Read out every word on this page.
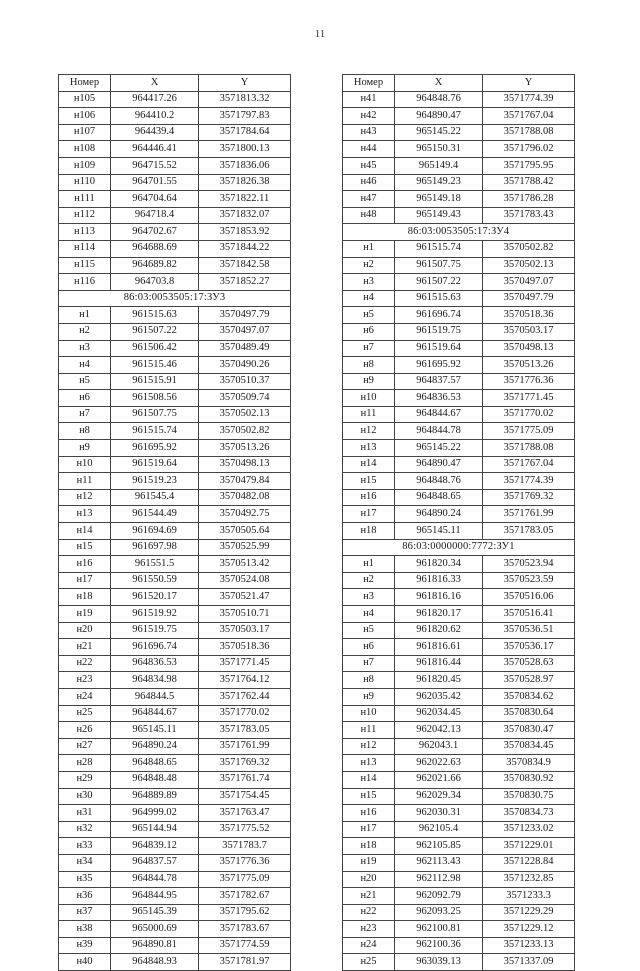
11
Номер	X	Y
н105	964417.26	3571813.32
н106	964410.2	3571797.83
н107	964439.4	3571784.64
н108	964446.41	3571800.13
н109	964715.52	3571836.06
н110	964701.55	3571826.38
н111	964704.64	3571822.11
н112	964718.4	3571832.07
н113	964702.67	3571853.92
н114	964688.69	3571844.22
н115	964689.82	3571842.58
н116	964703.8	3571852.27
86:03:0053505:17:ЗУ3		
н1	961515.63	3570497.79
н2	961507.22	3570497.07
н3	961506.42	3570489.49
н4	961515.46	3570490.26
н5	961515.91	3570510.37
н6	961508.56	3570509.74
н7	961507.75	3570502.13
н8	961515.74	3570502.82
н9	961695.92	3570513.26
н10	961519.64	3570498.13
н11	961519.23	3570479.84
н12	961545.4	3570482.08
н13	961544.49	3570492.75
н14	961694.69	3570505.64
н15	961697.98	3570525.99
н16	961551.5	3570513.42
н17	961550.59	3570524.08
н18	961520.17	3570521.47
н19	961519.92	3570510.71
н20	961519.75	3570503.17
н21	961696.74	3570518.36
н22	964836.53	3571771.45
н23	964834.98	3571764.12
н24	964844.5	3571762.44
н25	964844.67	3571770.02
н26	965145.11	3571783.05
н27	964890.24	3571761.99
н28	964848.65	3571769.32
н29	964848.48	3571761.74
н30	964889.89	3571754.45
н31	964999.02	3571763.47
н32	965144.94	3571775.52
н33	964839.12	3571783.7
н34	964837.57	3571776.36
н35	964844.78	3571775.09
н36	964844.95	3571782.67
н37	965145.39	3571795.62
н38	965000.69	3571783.67
н39	964890.81	3571774.59
н40	964848.93	3571781.97
Номер	X	Y
н41	964848.76	3571774.39
н42	964890.47	3571767.04
н43	965145.22	3571788.08
н44	965150.31	3571796.02
н45	965149.4	3571795.95
н46	965149.23	3571788.42
н47	965149.18	3571786.28
н48	965149.43	3571783.43
86:03:0053505:17:ЗУ4		
н1	961515.74	3570502.82
н2	961507.75	3570502.13
н3	961507.22	3570497.07
н4	961515.63	3570497.79
н5	961696.74	3570518.36
н6	961519.75	3570503.17
н7	961519.64	3570498.13
н8	961695.92	3570513.26
н9	964837.57	3571776.36
н10	964836.53	3571771.45
н11	964844.67	3571770.02
н12	964844.78	3571775.09
н13	965145.22	3571788.08
н14	964890.47	3571767.04
н15	964848.76	3571774.39
н16	964848.65	3571769.32
н17	964890.24	3571761.99
н18	965145.11	3571783.05
86:03:0000000:7772:ЗУ1		
н1	961820.34	3570523.94
н2	961816.33	3570523.59
н3	961816.16	3570516.06
н4	961820.17	3570516.41
н5	961820.62	3570536.51
н6	961816.61	3570536.17
н7	961816.44	3570528.63
н8	961820.45	3570528.97
н9	962035.42	3570834.62
н10	962034.45	3570830.64
н11	962042.13	3570830.47
н12	962043.1	3570834.45
н13	962022.63	3570834.9
н14	962021.66	3570830.92
н15	962029.34	3570830.75
н16	962030.31	3570834.73
н17	962105.4	3571233.02
н18	962105.85	3571229.01
н19	962113.43	3571228.84
н20	962112.98	3571232.85
н21	962092.79	3571233.3
н22	962093.25	3571229.29
н23	962100.81	3571229.12
н24	962100.36	3571233.13
н25	963039.13	3571337.09
